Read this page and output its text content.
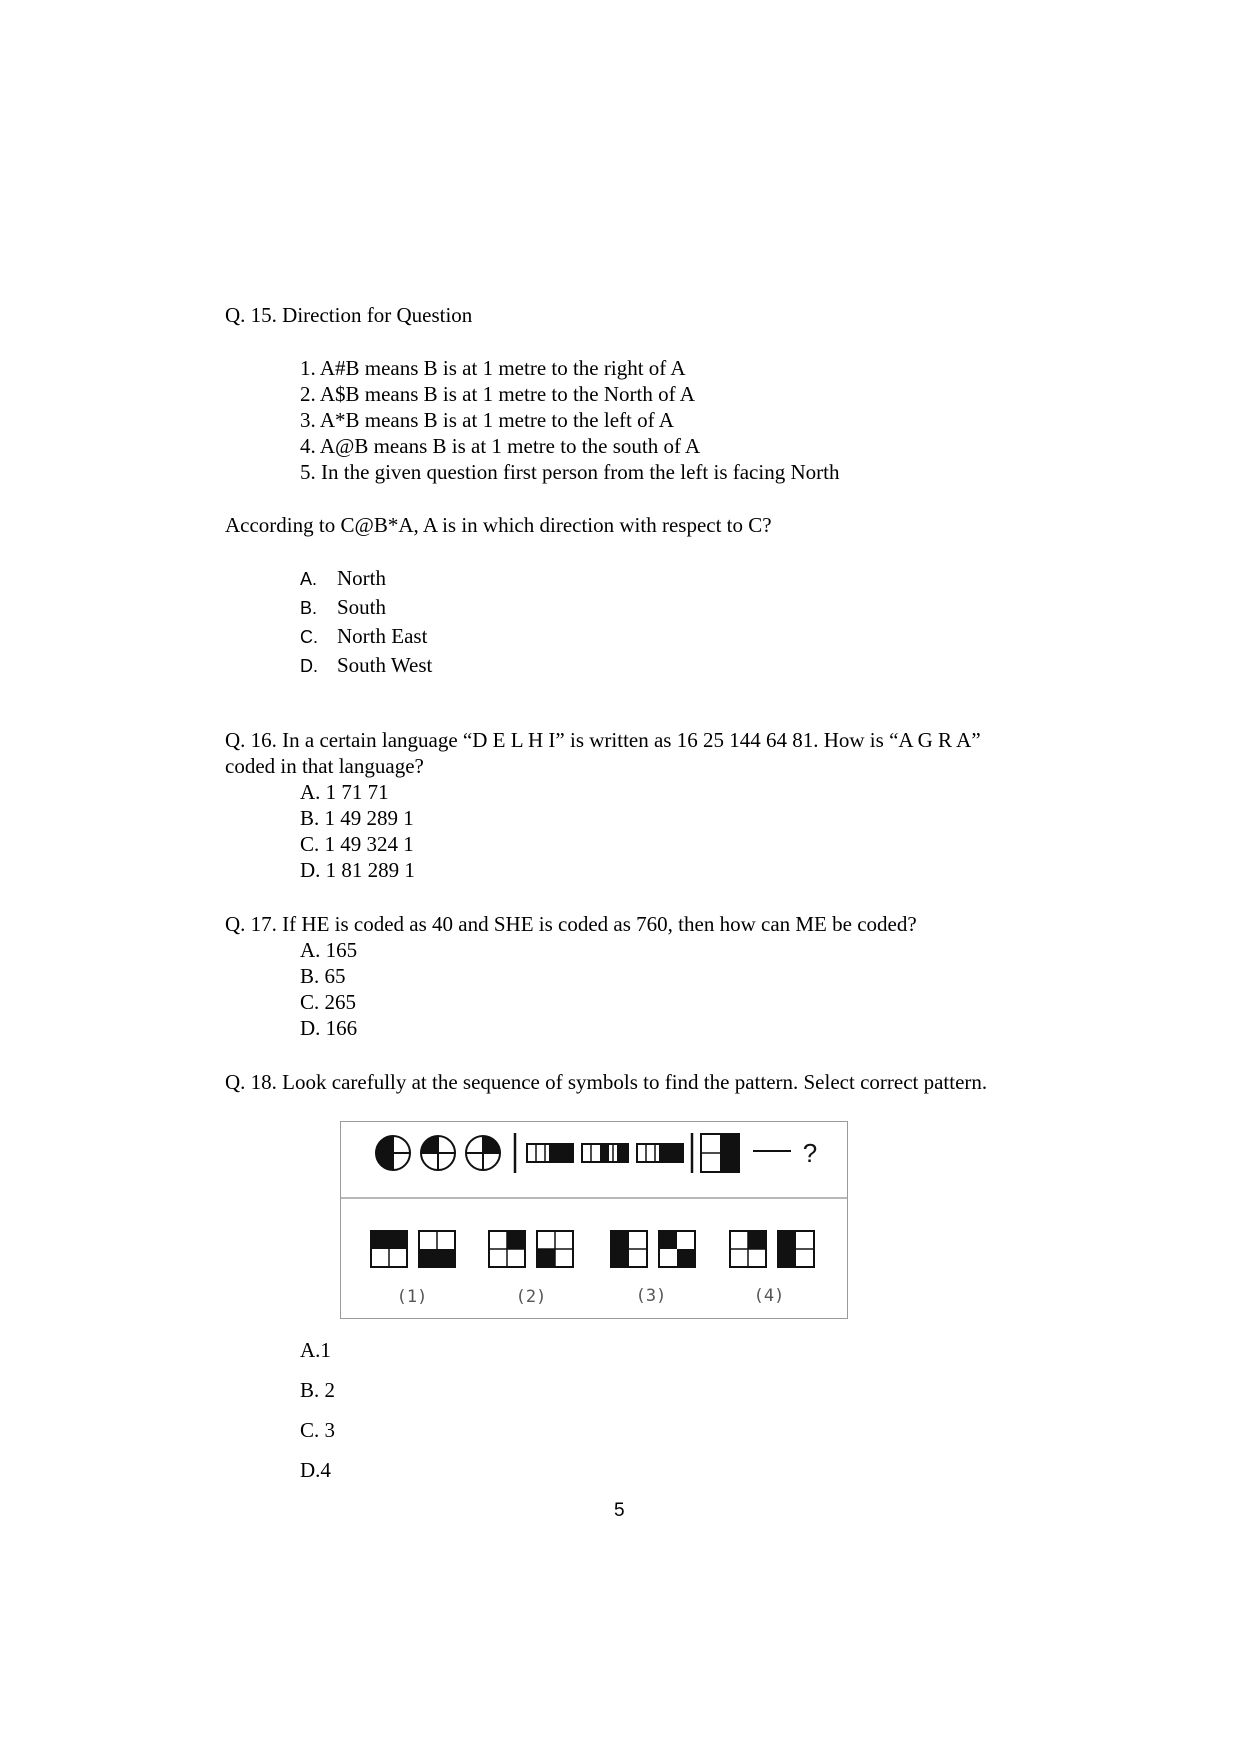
Q. 15. Direction for Question
1. A#B means B is at 1 metre to the right of A
2. A$B means B is at 1 metre to the North of A
3. A*B means B is at 1 metre to the left of A
4. A@B means B is at 1 metre to the south of A
5. In the given question first person from the left is facing North
According to C@B*A, A is in which direction with respect to C?
A. North
B. South
C. North East
D. South West
Q. 16. In a certain language “D E L H I” is written as 16 25 144 64 81. How is “A G R A” coded in that language?
A. 1 71 71
B. 1 49 289 1
C. 1 49 324 1
D. 1 81 289 1
Q. 17. If HE is coded as 40 and SHE is coded as 760, then how can ME be coded?
A. 165
B. 65
C. 265
D. 166
Q. 18. Look carefully at the sequence of symbols to find the pattern. Select correct pattern.
?
(1)	(2)	(3)	(4)
A.1
B. 2
C. 3
D.4
5
